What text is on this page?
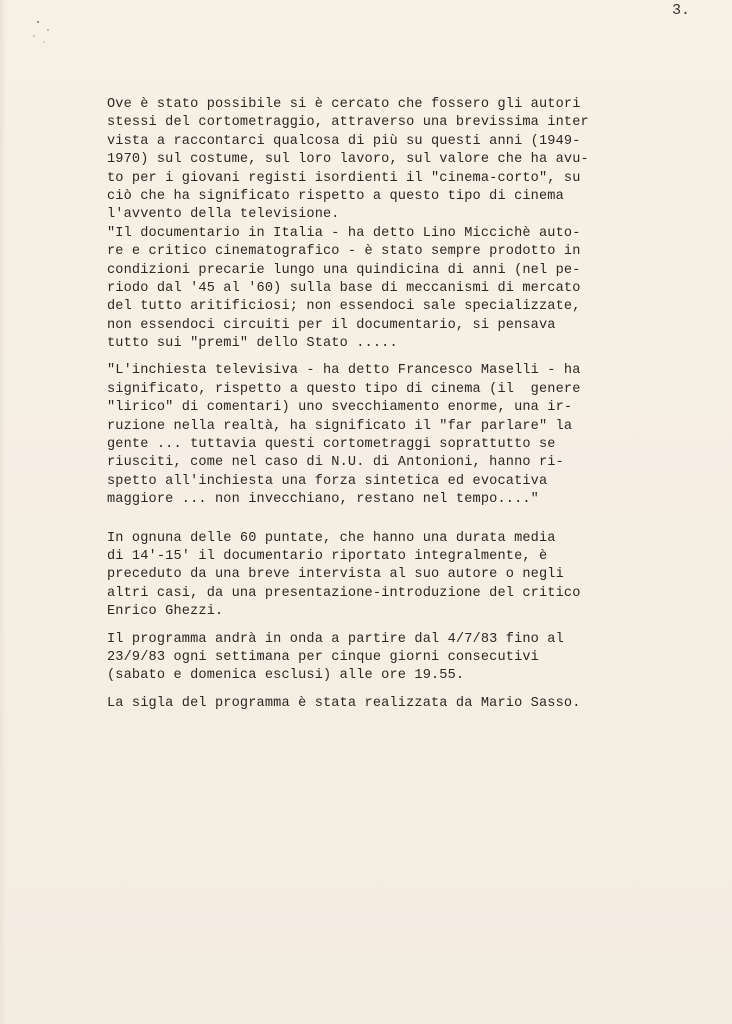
3.
Ove è stato possibile si è cercato che fossero gli autori
stessi del cortometraggio, attraverso una brevissima inter
vista a raccontarci qualcosa di più su questi anni (1949-
1970) sul costume, sul loro lavoro, sul valore che ha avu-
to per i giovani registi isordienti il "cinema-corto", su
ciò che ha significato rispetto a questo tipo di cinema
l'avvento della televisione.
"Il documentario in Italia - ha detto Lino Miccichè auto-
re e critico cinematografico - è stato sempre prodotto in
condizioni precarie lungo una quindicina di anni (nel pe-
riodo dal '45 al '60) sulla base di meccanismi di mercato
del tutto aritificiosi; non essendoci sale specializzate,
non essendoci circuiti per il documentario, si pensava
tutto sui "premi" dello Stato .....
"L'inchiesta televisiva - ha detto Francesco Maselli - ha
significato, rispetto a questo tipo di cinema (il  genere
"lirico" di comentari) uno svecchiamento enorme, una ir-
ruzione nella realtà, ha significato il "far parlare" la
gente ... tuttavia questi cortometraggi soprattutto se
riusciti, come nel caso di N.U. di Antonioni, hanno ri-
spetto all'inchiesta una forza sintetica ed evocativa
maggiore ... non invecchiano, restano nel tempo...."
In ognuna delle 60 puntate, che hanno una durata media
di 14'-15' il documentario riportato integralmente, è
preceduto da una breve intervista al suo autore o negli
altri casi, da una presentazione-introduzione del critico
Enrico Ghezzi.
Il programma andrà in onda a partire dal 4/7/83 fino al
23/9/83 ogni settimana per cinque giorni consecutivi
(sabato e domenica esclusi) alle ore 19.55.
La sigla del programma è stata realizzata da Mario Sasso.
